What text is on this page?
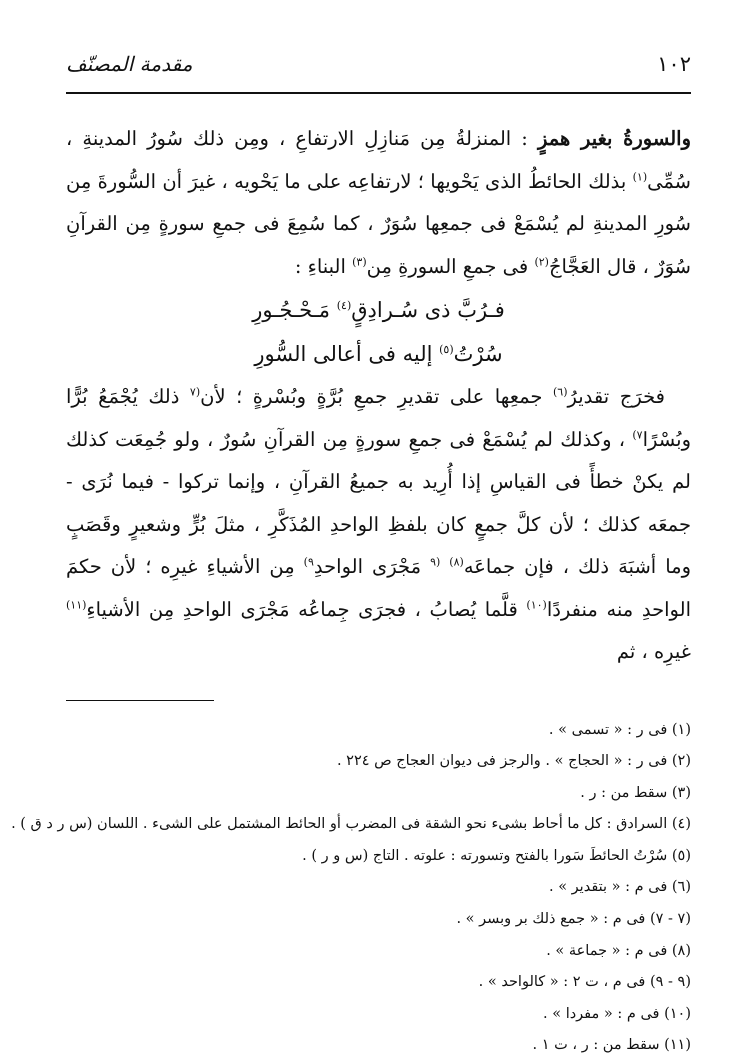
١٠٢
مقدمة المصنّف

والسورةُ بغير همزٍ : المنزلةُ مِن مَنازِلِ الارتفاعِ ، ومِن ذلك سُورُ المدينةِ ، سُمِّى$^{(١)}$ بذلك الحائطُ الذى يَحْويها ؛ لارتفاعِه على ما يَحْويه ، غيرَ أن السُّورةَ مِن سُورِ المدينةِ لم يُسْمَعْ فى جمعِها سُوَرٌ ، كما سُمِعَ فى جمعِ سورةٍ مِن القرآنِ سُوَرٌ ، قال العَجَّاجُ$^{(٢)}$ فى جمعِ السورةِ مِن$^{(٣)}$ البناءِ :

فـرُبَّ ذى سُـرادِقٍ$^{(٤)}$ مَـحْـجُـورِ
سُرْتُ$^{(٥)}$ إليه فى أعالى السُّورِ

فخرَج تقديرُ$^{(٦)}$ جمعِها على تقديرِ جمعِ بُرَّةٍ وبُسْرةٍ ؛ لأن$^{(٧}$ ذلك يُجْمَعُ بُرًّا وبُسْرًا$^{٧)}$ ، وكذلك لم يُسْمَعْ فى جمعِ سورةٍ مِن القرآنِ سُورٌ ، ولو جُمِعَت كذلك لم يكنْ خطأً فى القياسِ إذا أُرِيد به جميعُ القرآنِ ، وإنما تركوا - فيما نُرَى - جمعَه كذلك ؛ لأن كلَّ جمعٍ كان بلفظِ الواحدِ المُذَكَّرِ ، مثلَ بُرٍّ وشعيرٍ وقَصَبٍ وما أشبَهَ ذلك ، فإن جماعَه$^{(٨)}$ $^{(٩}$ مَجْرَى الواحدِ$^{٩)}$ مِن الأشياءِ غيرِه ؛ لأن حكمَ الواحدِ منه منفردًا$^{(١٠)}$ قلَّما يُصابُ ، فجرَى جِماعُه مَجْرَى الواحدِ مِن الأشياءِ$^{(١١)}$ غيرِه ، ثم

(١) فى ر : « تسمى » .
(٢) فى ر : « الحجاج » . والرجز فى ديوان العجاج ص ٢٢٤ .
(٣) سقط من : ر .
(٤) السرادق : كل ما أحاط بشىء نحو الشقة فى المضرب أو الحائط المشتمل على الشىء . اللسان (س ر د ق ) .
(٥) سُرْتُ الحائطَ سَورا بالفتح وتسورته : علوته . التاج (س و ر ) .
(٦) فى م : « بتقدير » .
(٧ - ٧) فى م : « جمع ذلك بر وبسر » .
(٨) فى م : « جماعة » .
(٩ - ٩) فى م ، ت ٢ : « كالواحد » .
(١٠) فى م : « مفردا » .
(١١) سقط من : ر ، ت ١ .
